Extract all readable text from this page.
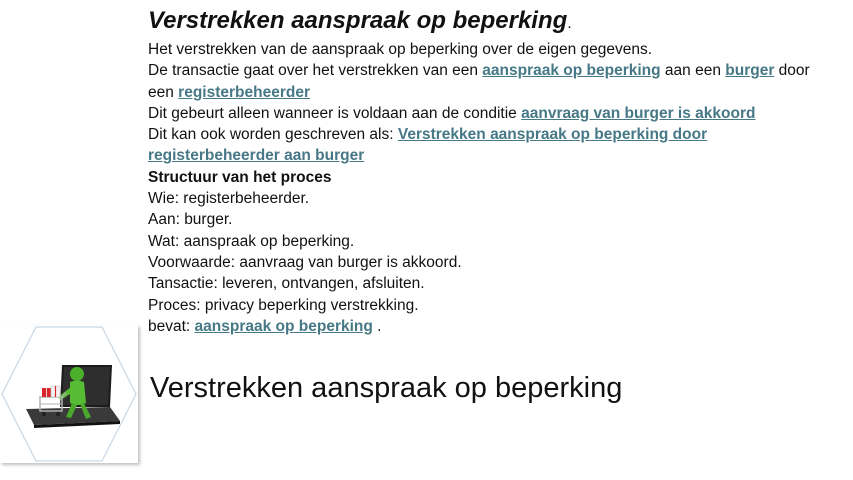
Verstrekken aanspraak op beperking.

Het verstrekken van de aanspraak op beperking over de eigen gegevens.

De transactie gaat over het verstrekken van een aanspraak op beperking aan een burger door een registerbeheerder

Dit gebeurt alleen wanneer is voldaan aan de conditie aanvraag van burger is akkoord

Dit kan ook worden geschreven als: Verstrekken aanspraak op beperking door registerbeheerder aan burger

Structuur van het proces

Wie: registerbeheerder.

Aan: burger.

Wat: aanspraak op beperking.

Voorwaarde: aanvraag van burger is akkoord.

Tansactie: leveren, ontvangen, afsluiten.

Proces: privacy beperking verstrekking.

bevat: aanspraak op beperking .

Verstrekken aanspraak op beperking
